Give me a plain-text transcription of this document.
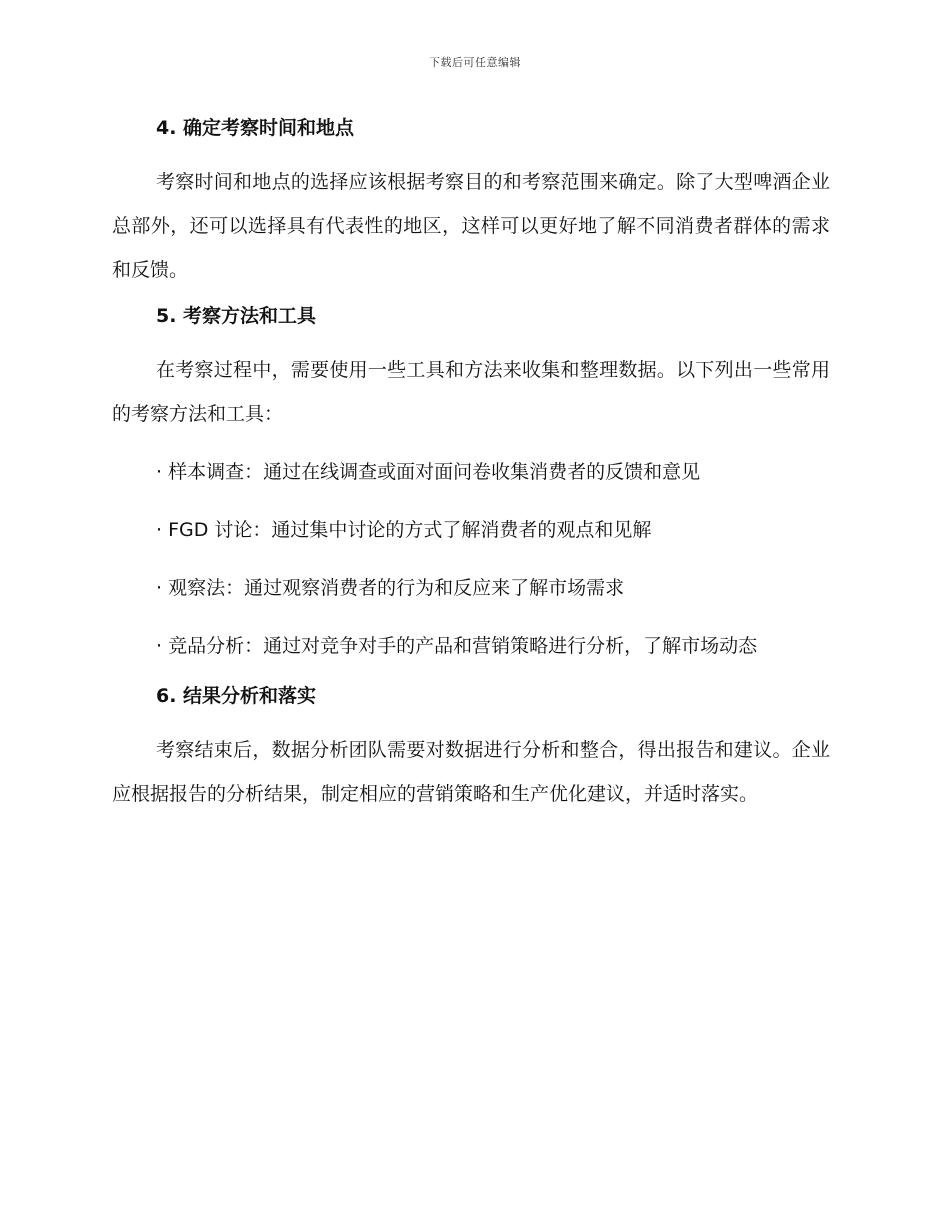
下载后可任意编辑

4. 确定考察时间和地点

考察时间和地点的选择应该根据考察目的和考察范围来确定。除了大型啤酒企业总部外，还可以选择具有代表性的地区，这样可以更好地了解不同消费者群体的需求和反馈。

5. 考察方法和工具

在考察过程中，需要使用一些工具和方法来收集和整理数据。以下列出一些常用的考察方法和工具：

· 样本调查：通过在线调查或面对面问卷收集消费者的反馈和意见

· FGD 讨论：通过集中讨论的方式了解消费者的观点和见解

· 观察法：通过观察消费者的行为和反应来了解市场需求

· 竞品分析：通过对竞争对手的产品和营销策略进行分析，了解市场动态

6. 结果分析和落实

考察结束后，数据分析团队需要对数据进行分析和整合，得出报告和建议。企业应根据报告的分析结果，制定相应的营销策略和生产优化建议，并适时落实。
